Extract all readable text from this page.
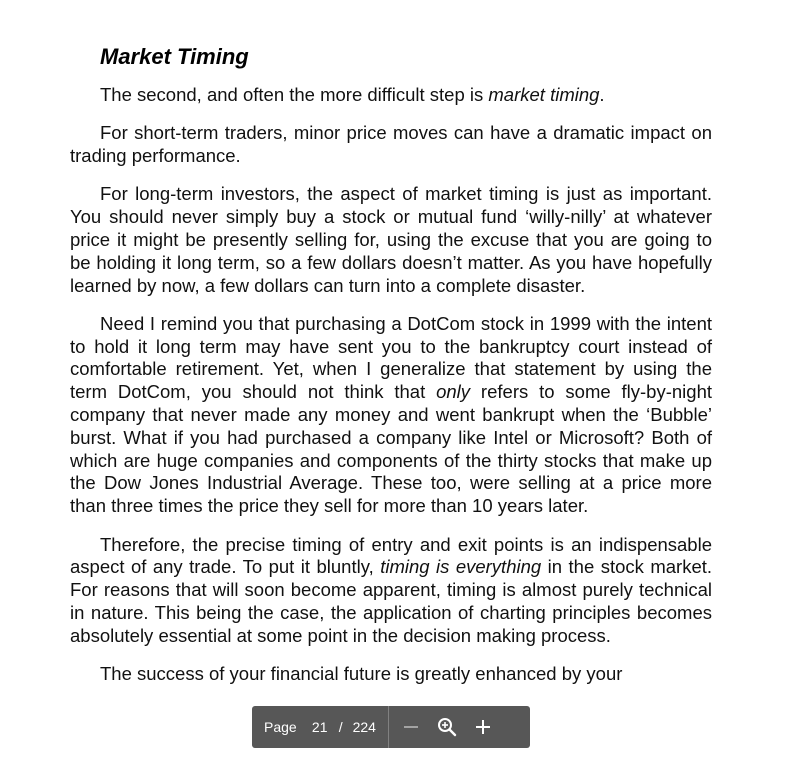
Market Timing

The second, and often the more difficult step is market timing.

For short-term traders, minor price moves can have a dramatic impact on trading performance.

For long-term investors, the aspect of market timing is just as important. You should never simply buy a stock or mutual fund ‘willy-nilly’ at whatever price it might be presently selling for, using the excuse that you are going to be holding it long term, so a few dollars doesn’t matter. As you have hopefully learned by now, a few dollars can turn into a complete disaster.

Need I remind you that purchasing a DotCom stock in 1999 with the intent to hold it long term may have sent you to the bankruptcy court instead of comfortable retirement. Yet, when I generalize that statement by using the term DotCom, you should not think that only refers to some fly-by-night company that never made any money and went bankrupt when the ‘Bubble’ burst. What if you had purchased a company like Intel or Microsoft? Both of which are huge companies and components of the thirty stocks that make up the Dow Jones Industrial Average. These too, were selling at a price more than three times the price they sell for more than 10 years later.

Therefore, the precise timing of entry and exit points is an indispensable aspect of any trade. To put it bluntly, timing is everything in the stock market. For reasons that will soon become apparent, timing is almost purely technical in nature. This being the case, the application of charting principles becomes absolutely essential at some point in the decision making process.

The success of your financial future is greatly enhanced by your

Page
21	/ 224
